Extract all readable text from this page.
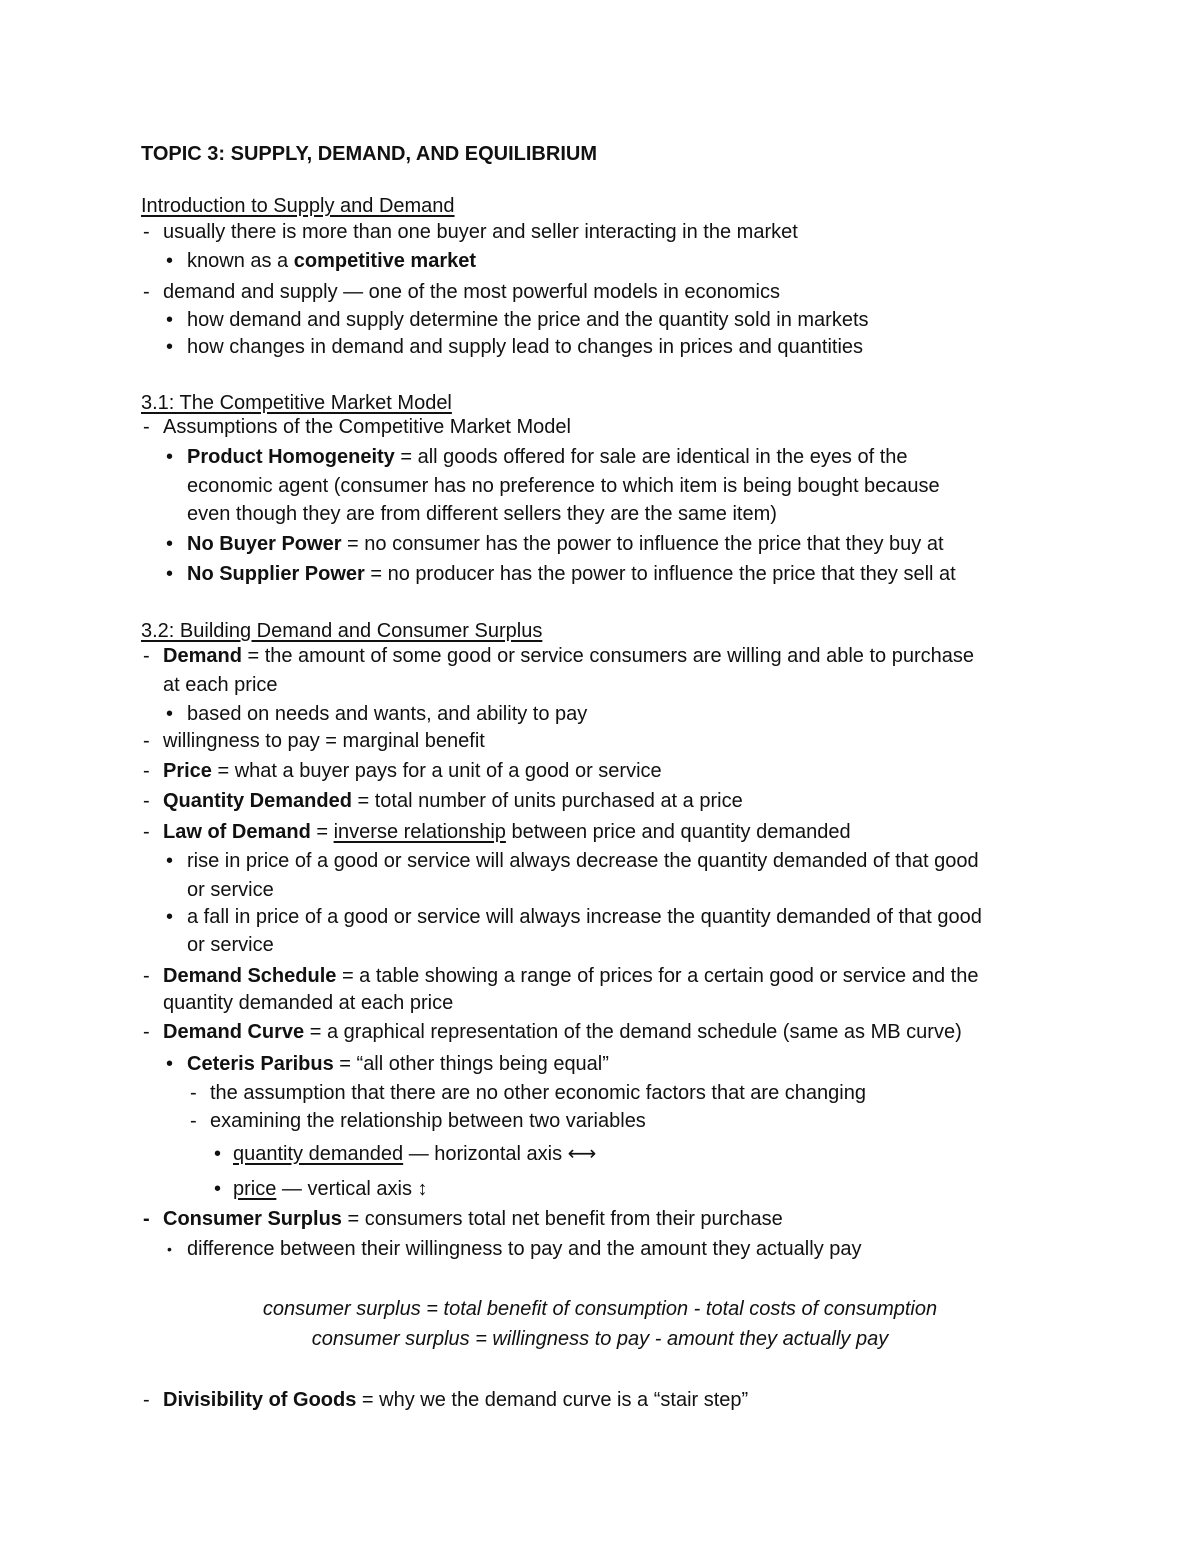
TOPIC 3: SUPPLY, DEMAND, AND EQUILIBRIUM
Introduction to Supply and Demand
- usually there is more than one buyer and seller interacting in the market
• known as a competitive market
- demand and supply — one of the most powerful models in economics
• how demand and supply determine the price and the quantity sold in markets
• how changes in demand and supply lead to changes in prices and quantities
3.1: The Competitive Market Model
- Assumptions of the Competitive Market Model
• Product Homogeneity = all goods offered for sale are identical in the eyes of the
economic agent (consumer has no preference to which item is being bought because
even though they are from different sellers they are the same item)
• No Buyer Power = no consumer has the power to influence the price that they buy at
• No Supplier Power = no producer has the power to influence the price that they sell at
3.2: Building Demand and Consumer Surplus
- Demand = the amount of some good or service consumers are willing and able to purchase
at each price
• based on needs and wants, and ability to pay
- willingness to pay = marginal benefit
- Price = what a buyer pays for a unit of a good or service
- Quantity Demanded = total number of units purchased at a price
- Law of Demand = inverse relationship between price and quantity demanded
• rise in price of a good or service will always decrease the quantity demanded of that good
or service
• a fall in price of a good or service will always increase the quantity demanded of that good
or service
- Demand Schedule = a table showing a range of prices for a certain good or service and the
quantity demanded at each price
- Demand Curve = a graphical representation of the demand schedule (same as MB curve)
• Ceteris Paribus = “all other things being equal”
- the assumption that there are no other economic factors that are changing
- examining the relationship between two variables
• quantity demanded — horizontal axis ⟷
• price — vertical axis ↕
- Consumer Surplus = consumers total net benefit from their purchase
• difference between their willingness to pay and the amount they actually pay
consumer surplus = total benefit of consumption - total costs of consumption
consumer surplus = willingness to pay - amount they actually pay
- Divisibility of Goods = why we the demand curve is a “stair step”
